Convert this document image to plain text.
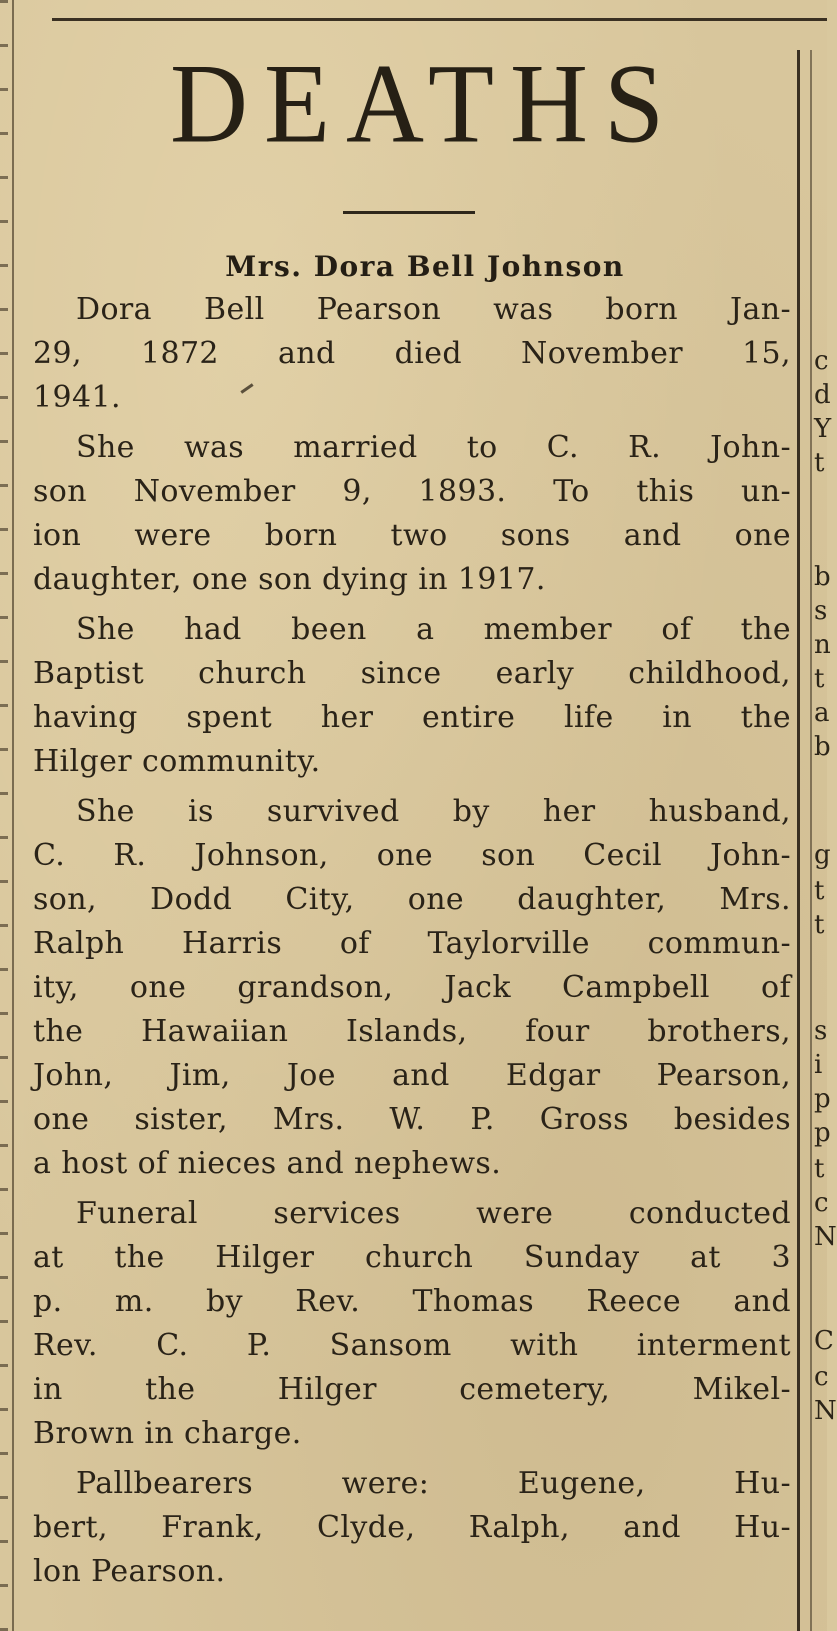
DEATHS
Mrs. Dora Bell Johnson
Dora Bell Pearson was born Jan-
29, 1872 and died November 15,
1941.
She was married to C. R. John-
son November 9, 1893. To this un-
ion were born two sons and one
daughter, one son dying in 1917.
She had been a member of the
Baptist church since early childhood,
having spent her entire life in the
Hilger community.
She is survived by her husband,
C. R. Johnson, one son Cecil John-
son, Dodd City, one daughter, Mrs.
Ralph Harris of Taylorville commun-
ity, one grandson, Jack Campbell of
the Hawaiian Islands, four brothers,
John, Jim, Joe and Edgar Pearson,
one sister, Mrs. W. P. Gross besides
a host of nieces and nephews.
Funeral services were conducted
at the Hilger church Sunday at 3
p. m. by Rev. Thomas Reece and
Rev. C. P. Sansom with interment
in the Hilger cemetery, Mikel-
Brown in charge.
Pallbearers were: Eugene, Hu-
bert, Frank, Clyde, Ralph, and Hu-
lon Pearson.
c
d
Y
t
b
s
n
t
a
b
g
t
t
s
i
p
p
t
c
N
C
c
N
